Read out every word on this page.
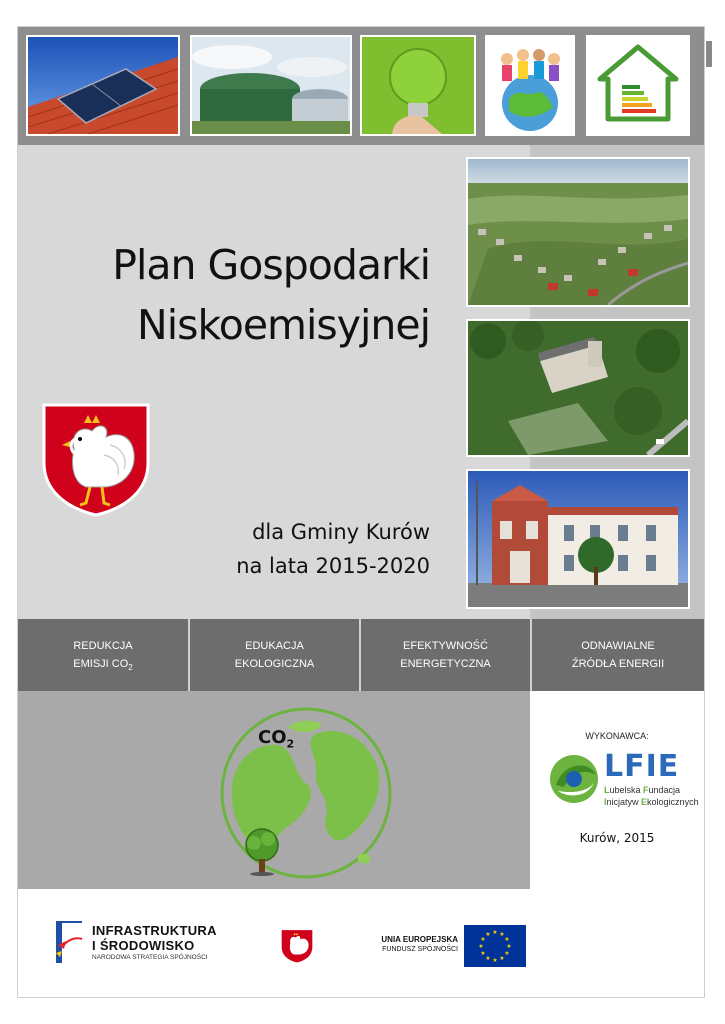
Plan Gospodarki
Niskoemisyjnej
dla Gminy Kurów
na lata 2015-2020
REDUKCJA
EMISJI $CO_2$
EDUKACJA
EKOLOGICZNA
EFEKTYWNOŚĆ
ENERGETYCZNA
ODNAWIALNE
ŹRÓDŁA ENERGII
$CO_2$
WYKONAWCA:
LFIE
Lubelska Fundacja
Inicjatyw Ekologicznych
Kurów, 2015
INFRASTRUKTURA
I ŚRODOWISKO
NARODOWA STRATEGIA SPÓJNOŚCI
UNIA EUROPEJSKA
FUNDUSZ SPÓJNOŚCI
★ ★
★
★
★
★
★
★
★
★
★
★
